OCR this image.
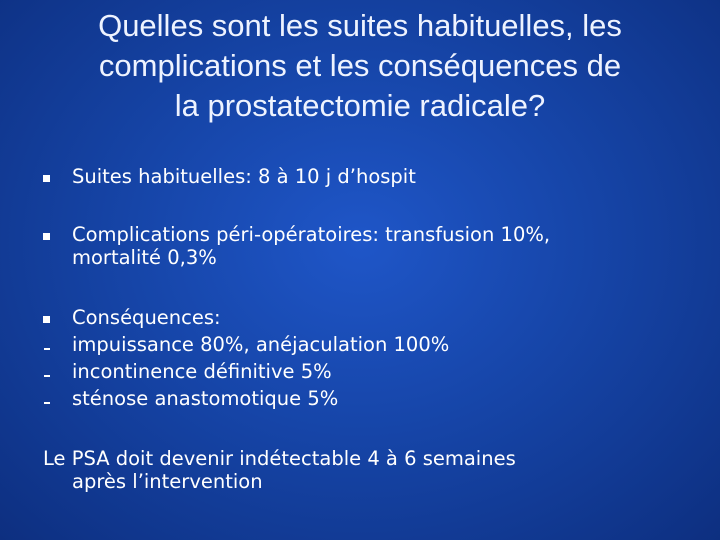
Quelles sont les suites habituelles, les
complications et les conséquences de
la prostatectomie radicale?
Suites habituelles: 8 à 10 j d’hospit
Complications péri-opératoires: transfusion 10%,
mortalité 0,3%
Conséquences:
impuissance 80%, anéjaculation 100%
incontinence définitive 5%
sténose anastomotique 5%
Le PSA doit devenir indétectable 4 à 6 semaines
après l’intervention
